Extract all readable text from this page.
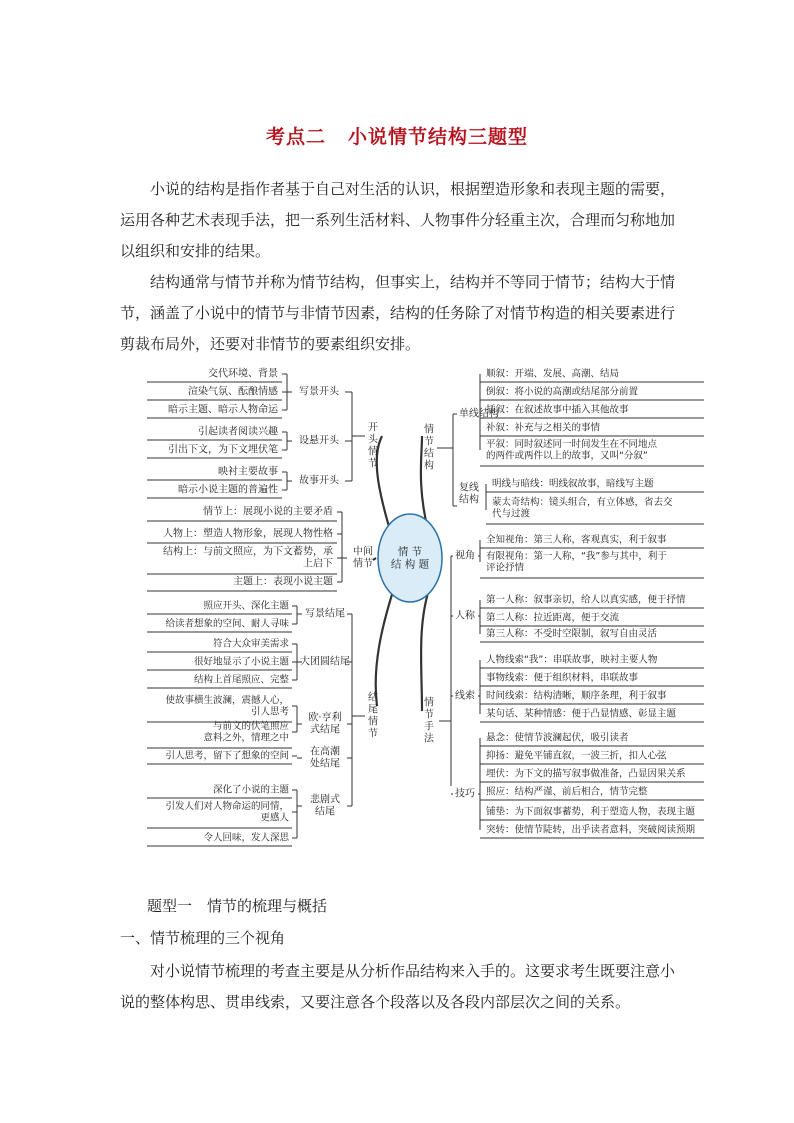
考点二 小说情节结构三题型

小说的结构是指作者基于自己对生活的认识，根据塑造形象和表现主题的需要，运用各种艺术表现手法，把一系列生活材料、人物事件分轻重主次，合理而匀称地加以组织和安排的结果。

结构通常与情节并称为情节结构，但事实上，结构并不等同于情节；结构大于情节，涵盖了小说中的情节与非情节因素，结构的任务除了对情节构造的相关要素进行剪裁布局外，还要对非情节的要素组织安排。

情 节
结 构 题
开
头
情
节
写景开头
交代环境、背景
渲染气氛、酝酿情感
暗示主题、暗示人物命运
设悬开头
引起读者阅读兴趣
引出下文，为下文埋伏笔
故事开头
映衬主要故事
暗示小说主题的普遍性
中间
情节
情节上：展现小说的主要矛盾
人物上：塑造人物形象，展现人物性格
结构上：与前文照应，为下文蓄势，承
上启下
主题上：表现小说主题
结
尾
情
节
写景结尾
照应开头、深化主题
给读者想象的空间、耐人寻味
大团圆结尾
符合大众审美需求
很好地显示了小说主题
结构上首尾照应、完整
欧·亨利
式结尾
使故事横生波澜，震撼人心，
引人思考
与前文的伏笔照应
意料之外，情理之中
在高潮
处结尾
引人思考，留下了想象的空间
悲剧式
结尾
深化了小说的主题
引发人们对人物命运的同情，
更感人
令人回味，发人深思
情
节
结
构
单线结构
顺叙：开端、发展、高潮、结局
倒叙：将小说的高潮或结尾部分前置
插叙：在叙述故事中插入其他故事
补叙：补充与之相关的事情
平叙：同时叙述同一时间发生在不同地点
的两件或两件以上的故事，又叫“分叙”
复线
结构
明线与暗线：明线叙故事，暗线写主题
蒙太奇结构：镜头组合，有立体感，省去交
代与过渡
情
节
手
法
视角
全知视角：第三人称，客观真实，利于叙事
有限视角：第一人称，“我”参与其中，利于
评论抒情
人称
第一人称：叙事亲切，给人以真实感，便于抒情
第二人称：拉近距离，便于交流
第三人称：不受时空限制，叙写自由灵活
线索
人物线索“我”：串联故事，映衬主要人物
事物线索：便于组织材料，串联故事
时间线索：结构清晰，顺序条理，利于叙事
某句话、某种情感：便于凸显情感、彰显主题
技巧
悬念：使情节波澜起伏，吸引读者
抑扬：避免平铺直叙，一波三折，扣人心弦
埋伏：为下文的描写叙事做准备，凸显因果关系
照应：结构严谨、前后相合，情节完整
铺垫：为下面叙事蓄势，利于塑造人物，表现主题
突转：使情节陡转，出乎读者意料，突破阅读预期
题型一　情节的梳理与概括
一、情节梳理的三个视角

对小说情节梳理的考查主要是从分析作品结构来入手的。这要求考生既要注意小说的整体构思、贯串线索，又要注意各个段落以及各段内部层次之间的关系。
